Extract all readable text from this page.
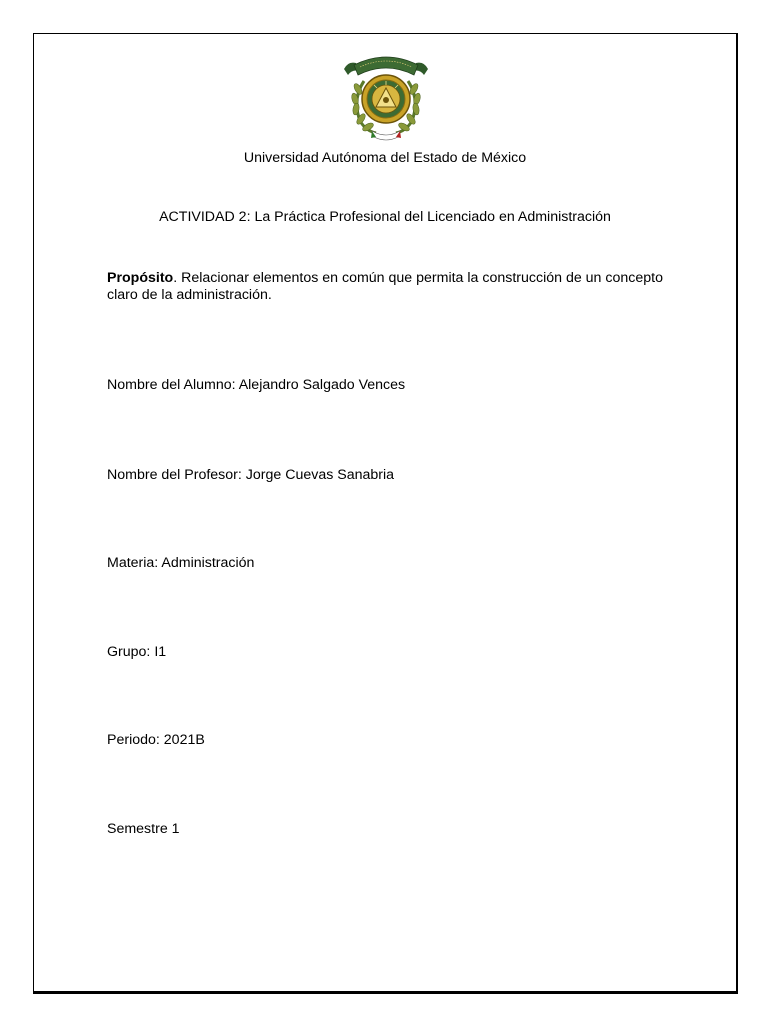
Universidad Autónoma del Estado de México
ACTIVIDAD 2: La Práctica Profesional del Licenciado en Administración
Propósito. Relacionar elementos en común que permita la construcción de un concepto claro de la administración.
Nombre del Alumno: Alejandro Salgado Vences
Nombre del Profesor: Jorge Cuevas Sanabria
Materia: Administración
Grupo: I1
Periodo: 2021B
Semestre 1
